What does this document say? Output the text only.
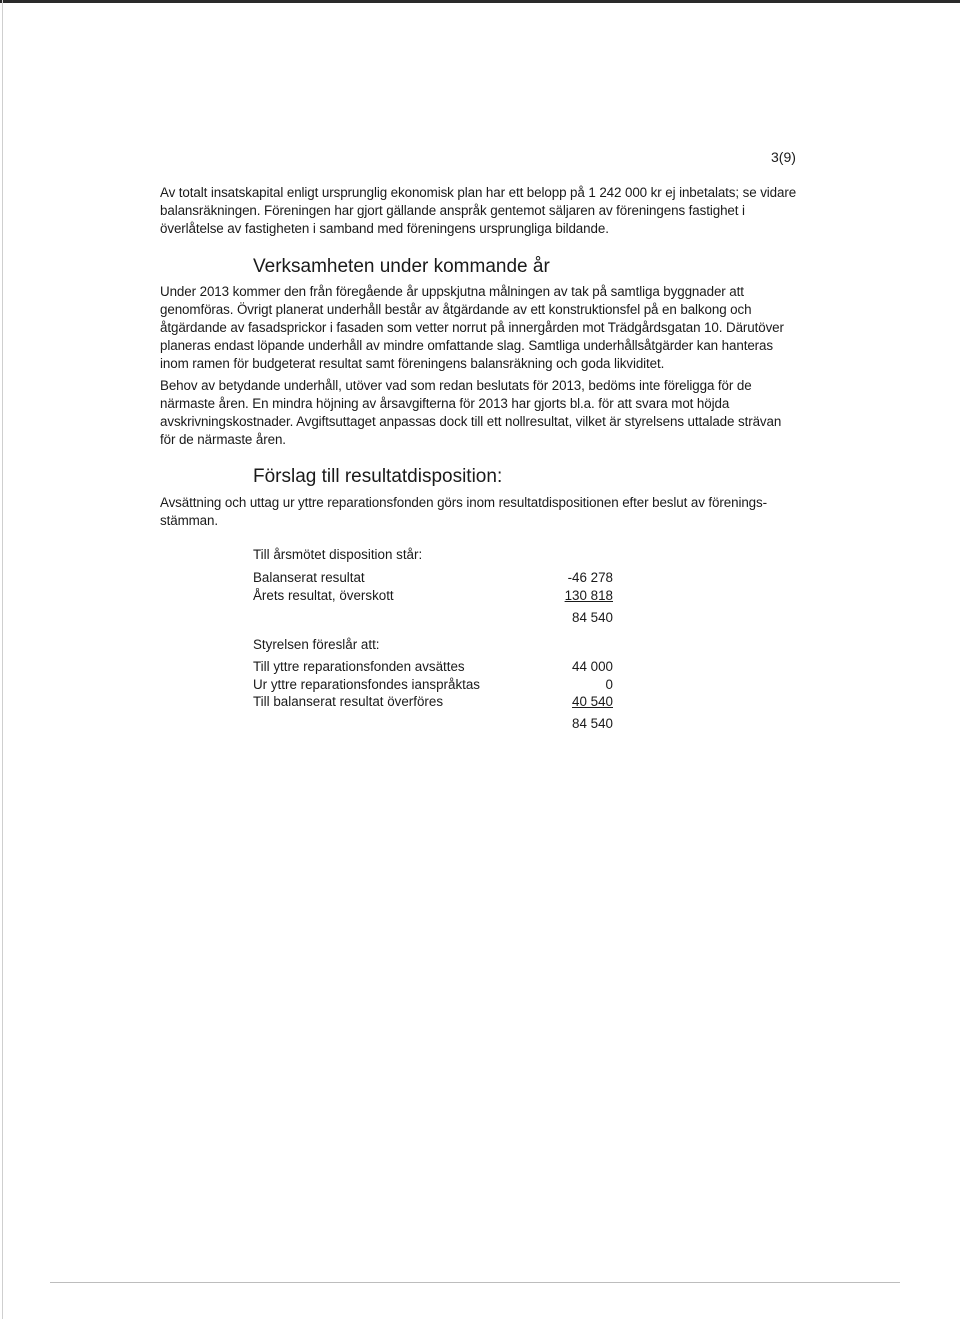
3(9)

Av totalt insatskapital enligt ursprunglig ekonomisk plan har ett belopp på 1 242 000 kr ej inbetalats; se vidare balansräkningen. Föreningen har gjort gällande anspråk gentemot säljaren av föreningens fastighet i överlåtelse av fastigheten i samband med föreningens ursprungliga bildande.

Verksamheten under kommande år

Under 2013 kommer den från föregående år uppskjutna målningen av tak på samtliga byggnader att genomföras. Övrigt planerat underhåll består av åtgärdande av ett konstruktionsfel på en balkong och åtgärdande av fasadsprickor i fasaden som vetter norrut på innergården mot Trädgårdsgatan 10. Därutöver planeras endast löpande underhåll av mindre omfattande slag. Samtliga underhållsåtgärder kan hanteras inom ramen för budgeterat resultat samt föreningens balansräkning och goda likviditet.

Behov av betydande underhåll, utöver vad som redan beslutats för 2013, bedöms inte föreligga för de närmaste åren. En mindra höjning av årsavgifterna för 2013 har gjorts bl.a. för att svara mot höjda avskrivningskostnader. Avgiftsuttaget anpassas dock till ett nollresultat, vilket är styrelsens uttalade strävan för de närmaste åren.

Förslag till resultatdisposition:

Avsättning och uttag ur yttre reparationsfonden görs inom resultatdispositionen efter beslut av förenings-stämman.

Till årsmötet disposition står:
Balanserat resultat	-46 278
Årets resultat, överskott	130 818
84 540
Styrelsen föreslår att:
Till yttre reparationsfonden avsättes	44 000
Ur yttre reparationsfondes ianspråktas	0
Till balanserat resultat överföres	40 540
84 540
